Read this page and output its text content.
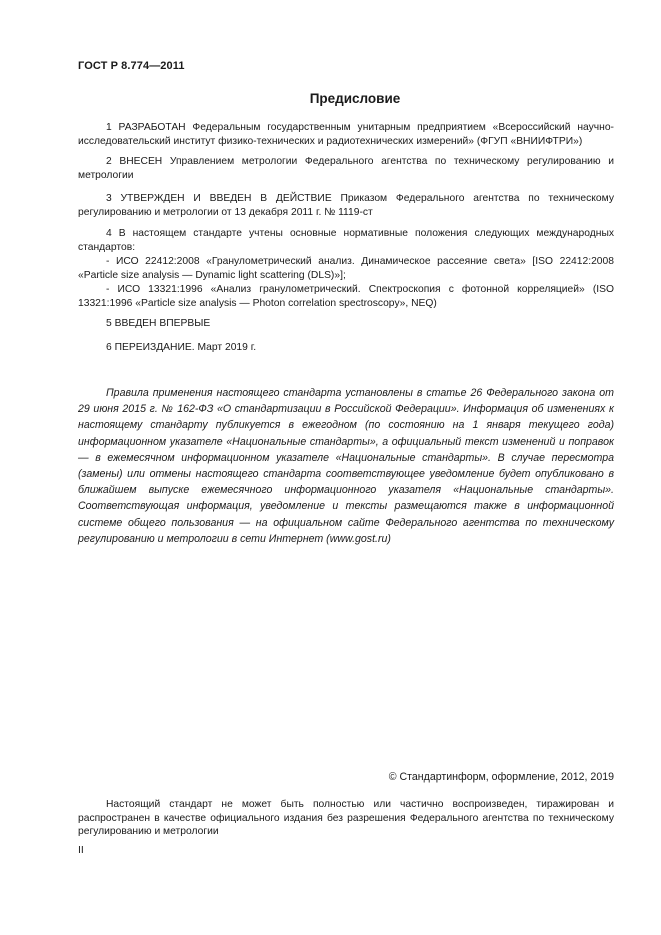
ГОСТ Р 8.774—2011
Предисловие
1 РАЗРАБОТАН Федеральным государственным унитарным предприятием «Всероссийский научно-исследовательский институт физико-технических и радиотехнических измерений» (ФГУП «ВНИИФТРИ»)
2 ВНЕСЕН Управлением метрологии Федерального агентства по техническому регулированию и метрологии
3 УТВЕРЖДЕН И ВВЕДЕН В ДЕЙСТВИЕ Приказом Федерального агентства по техническому регулированию и метрологии от 13 декабря 2011 г. № 1119-ст
4 В настоящем стандарте учтены основные нормативные положения следующих международных стандартов:
- ИСО 22412:2008 «Гранулометрический анализ. Динамическое рассеяние света» [ISO 22412:2008 «Particle size analysis — Dynamic light scattering (DLS)»];
- ИСО 13321:1996 «Анализ гранулометрический. Спектроскопия с фотонной корреляцией» (ISO 13321:1996 «Particle size analysis — Photon correlation spectroscopy», NEQ)
5 ВВЕДЕН ВПЕРВЫЕ
6 ПЕРЕИЗДАНИЕ. Март 2019 г.
Правила применения настоящего стандарта установлены в статье 26 Федерального закона от 29 июня 2015 г. № 162-ФЗ «О стандартизации в Российской Федерации». Информация об изменениях к настоящему стандарту публикуется в ежегодном (по состоянию на 1 января текущего года) информационном указателе «Национальные стандарты», а официальный текст изменений и поправок — в ежемесячном информационном указателе «Национальные стандарты». В случае пересмотра (замены) или отмены настоящего стандарта соответствующее уведомление будет опубликовано в ближайшем выпуске ежемесячного информационного указателя «Национальные стандарты». Соответствующая информация, уведомление и тексты размещаются также в информационной системе общего пользования — на официальном сайте Федерального агентства по техническому регулированию и метрологии в сети Интернет (www.gost.ru)
© Стандартинформ, оформление, 2012, 2019
Настоящий стандарт не может быть полностью или частично воспроизведен, тиражирован и распространен в качестве официального издания без разрешения Федерального агентства по техническому регулированию и метрологии
II
